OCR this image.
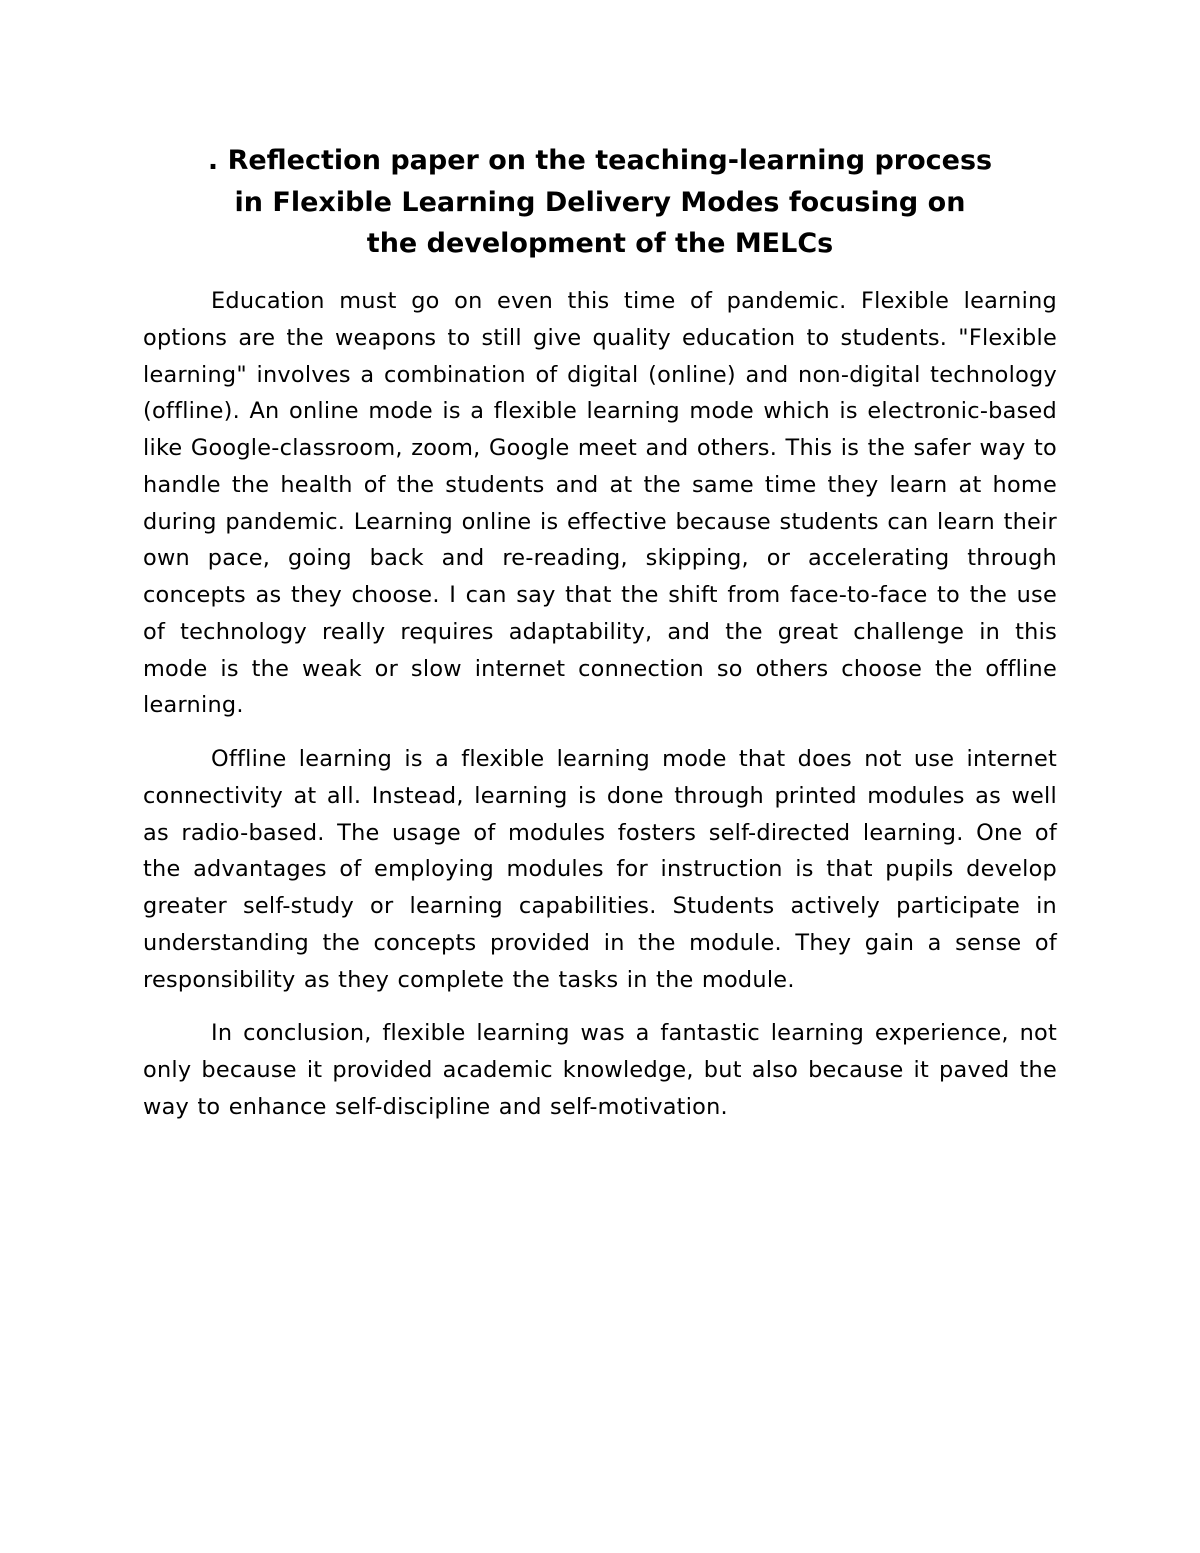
. Reflection paper on the teaching-learning process
in Flexible Learning Delivery Modes focusing on
the development of the MELCs

Education must go on even this time of pandemic. Flexible learning options are the weapons to still give quality education to students. "Flexible learning" involves a combination of digital (online) and non-digital technology (offline). An online mode is a flexible learning mode which is electronic-based like Google-classroom, zoom, Google meet and others. This is the safer way to handle the health of the students and at the same time they learn at home during pandemic. Learning online is effective because students can learn their own pace, going back and re-reading, skipping, or accelerating through concepts as they choose. I can say that the shift from face-to-face to the use of technology really requires adaptability, and the great challenge in this mode is the weak or slow internet connection so others choose the offline learning.

Offline learning is a flexible learning mode that does not use internet connectivity at all. Instead, learning is done through printed modules as well as radio-based. The usage of modules fosters self-directed learning. One of the advantages of employing modules for instruction is that pupils develop greater self-study or learning capabilities. Students actively participate in understanding the concepts provided in the module. They gain a sense of responsibility as they complete the tasks in the module.

In conclusion, flexible learning was a fantastic learning experience, not only because it provided academic knowledge, but also because it paved the way to enhance self-discipline and self-motivation.
